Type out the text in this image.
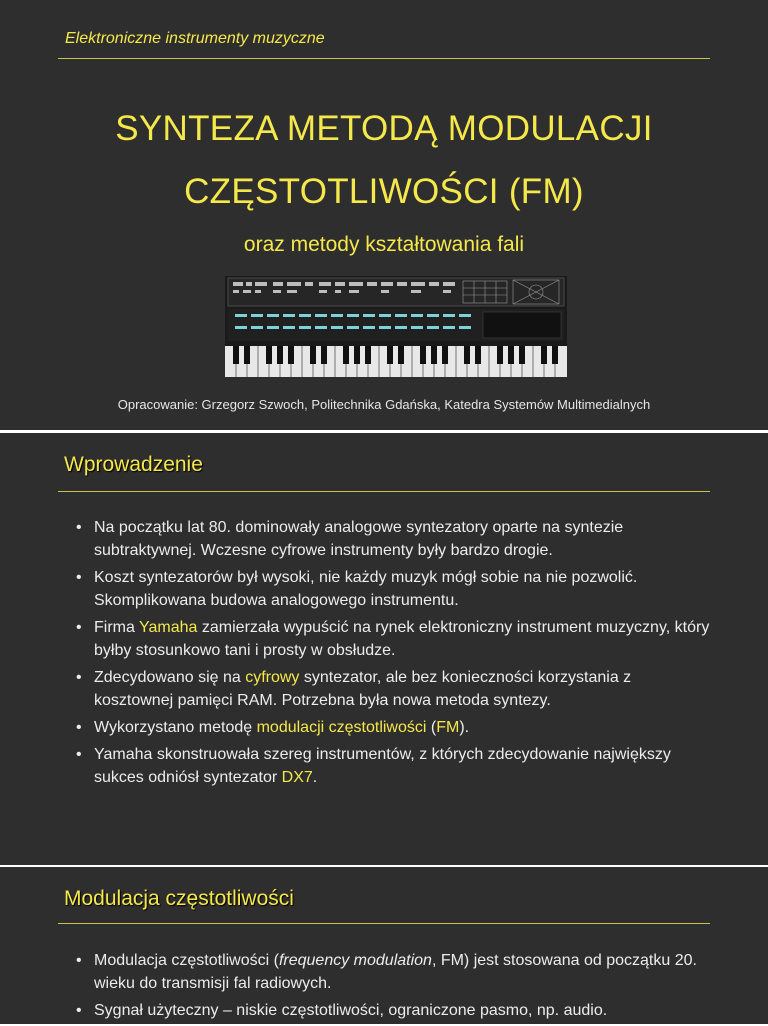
Elektroniczne instrumenty muzyczne
SYNTEZA METODĄ MODULACJI
CZĘSTOTLIWOŚCI (FM)
oraz metody kształtowania fali
Opracowanie: Grzegorz Szwoch, Politechnika Gdańska, Katedra Systemów Multimedialnych
Wprowadzenie
• Na początku lat 80. dominowały analogowe syntezatory oparte na syntezie subtraktywnej. Wczesne cyfrowe instrumenty były bardzo drogie.
• Koszt syntezatorów był wysoki, nie każdy muzyk mógł sobie na nie pozwolić. Skomplikowana budowa analogowego instrumentu.
• Firma Yamaha zamierzała wypuścić na rynek elektroniczny instrument muzyczny, który byłby stosunkowo tani i prosty w obsłudze.
• Zdecydowano się na cyfrowy syntezator, ale bez konieczności korzystania z kosztownej pamięci RAM. Potrzebna była nowa metoda syntezy.
• Wykorzystano metodę modulacji częstotliwości (FM).
• Yamaha skonstruowała szereg instrumentów, z których zdecydowanie największy sukces odniósł syntezator DX7.
Modulacja częstotliwości
• Modulacja częstotliwości (frequency modulation, FM) jest stosowana od początku 20. wieku do transmisji fal radiowych.
• Sygnał użyteczny – niskie częstotliwości, ograniczone pasmo, np. audio.
